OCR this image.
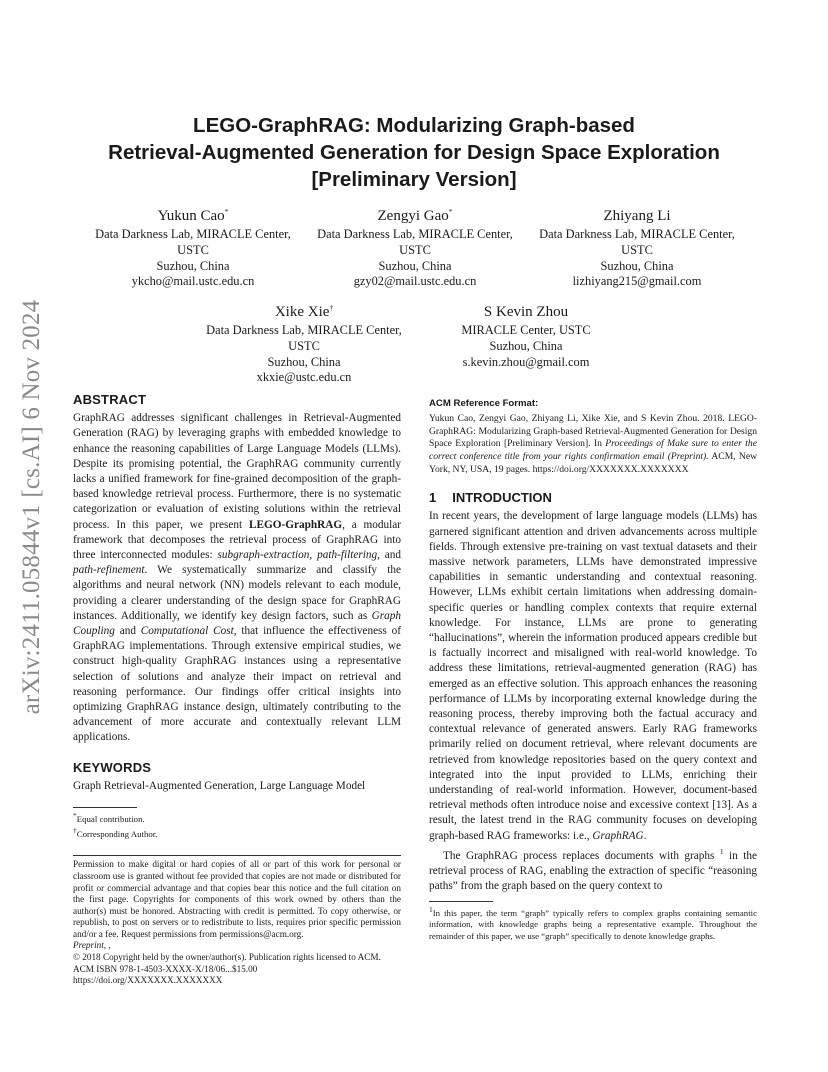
arXiv:2411.05844v1 [cs.AI] 6 Nov 2024
LEGO-GraphRAG: Modularizing Graph-based
Retrieval-Augmented Generation for Design Space Exploration
[Preliminary Version]
Yukun Cao*
Data Darkness Lab, MIRACLE Center,
USTC
Suzhou, China
ykcho@mail.ustc.edu.cn
Zengyi Gao*
Data Darkness Lab, MIRACLE Center,
USTC
Suzhou, China
gzy02@mail.ustc.edu.cn
Zhiyang Li
Data Darkness Lab, MIRACLE Center,
USTC
Suzhou, China
lizhiyang215@gmail.com
Xike Xie†
Data Darkness Lab, MIRACLE Center,
USTC
Suzhou, China
xkxie@ustc.edu.cn
S Kevin Zhou
MIRACLE Center, USTC
Suzhou, China
s.kevin.zhou@gmail.com
ABSTRACT

GraphRAG addresses significant challenges in Retrieval-Augmented Generation (RAG) by leveraging graphs with embedded knowledge to enhance the reasoning capabilities of Large Language Models (LLMs). Despite its promising potential, the GraphRAG community currently lacks a unified framework for fine-grained decomposition of the graph-based knowledge retrieval process. Furthermore, there is no systematic categorization or evaluation of existing solutions within the retrieval process. In this paper, we present LEGO-GraphRAG, a modular framework that decomposes the retrieval process of GraphRAG into three interconnected modules: subgraph-extraction, path-filtering, and path-refinement. We systematically summarize and classify the algorithms and neural network (NN) models relevant to each module, providing a clearer understanding of the design space for GraphRAG instances. Additionally, we identify key design factors, such as Graph Coupling and Computational Cost, that influence the effectiveness of GraphRAG implementations. Through extensive empirical studies, we construct high-quality GraphRAG instances using a representative selection of solutions and analyze their impact on retrieval and reasoning performance. Our findings offer critical insights into optimizing GraphRAG instance design, ultimately contributing to the advancement of more accurate and contextually relevant LLM applications.

KEYWORDS

Graph Retrieval-Augmented Generation, Large Language Model

*Equal contribution.

†Corresponding Author.

Permission to make digital or hard copies of all or part of this work for personal or classroom use is granted without fee provided that copies are not made or distributed for profit or commercial advantage and that copies bear this notice and the full citation on the first page. Copyrights for components of this work owned by others than the author(s) must be honored. Abstracting with credit is permitted. To copy otherwise, or republish, to post on servers or to redistribute to lists, requires prior specific permission and/or a fee. Request permissions from permissions@acm.org.

Preprint, ,

© 2018 Copyright held by the owner/author(s). Publication rights licensed to ACM.

ACM ISBN 978-1-4503-XXXX-X/18/06...$15.00

https://doi.org/XXXXXXX.XXXXXXX

ACM Reference Format:

Yukun Cao, Zengyi Gao, Zhiyang Li, Xike Xie, and S Kevin Zhou. 2018. LEGO-GraphRAG: Modularizing Graph-based Retrieval-Augmented Generation for Design Space Exploration [Preliminary Version]. In Proceedings of Make sure to enter the correct conference title from your rights confirmation email (Preprint). ACM, New York, NY, USA, 19 pages. https://doi.org/XXXXXXX.XXXXXXX

1 INTRODUCTION

In recent years, the development of large language models (LLMs) has garnered significant attention and driven advancements across multiple fields. Through extensive pre-training on vast textual datasets and their massive network parameters, LLMs have demonstrated impressive capabilities in semantic understanding and contextual reasoning. However, LLMs exhibit certain limitations when addressing domain-specific queries or handling complex contexts that require external knowledge. For instance, LLMs are prone to generating “hallucinations”, wherein the information produced appears credible but is factually incorrect and misaligned with real-world knowledge. To address these limitations, retrieval-augmented generation (RAG) has emerged as an effective solution. This approach enhances the reasoning performance of LLMs by incorporating external knowledge during the reasoning process, thereby improving both the factual accuracy and contextual relevance of generated answers. Early RAG frameworks primarily relied on document retrieval, where relevant documents are retrieved from knowledge repositories based on the query context and integrated into the input provided to LLMs, enriching their understanding of real-world information. However, document-based retrieval methods often introduce noise and excessive context [13]. As a result, the latest trend in the RAG community focuses on developing graph-based RAG frameworks: i.e., GraphRAG.

The GraphRAG process replaces documents with graphs $^1$ in the retrieval process of RAG, enabling the extraction of specific “reasoning paths” from the graph based on the query context to

$^1$In this paper, the term “graph” typically refers to complex graphs containing semantic information, with knowledge graphs being a representative example. Throughout the remainder of this paper, we use “graph” specifically to denote knowledge graphs.
